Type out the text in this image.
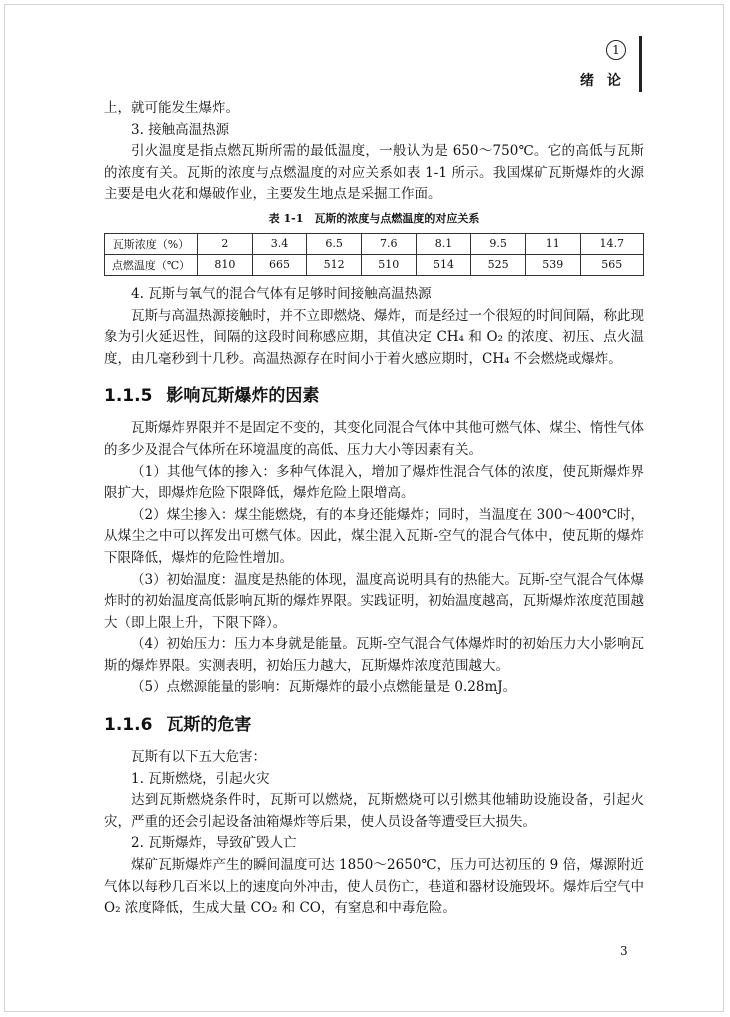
1
绪 论

上，就可能发生爆炸。

3. 接触高温热源

引火温度是指点燃瓦斯所需的最低温度，一般认为是 650～750℃。它的高低与瓦斯的浓度有关。瓦斯的浓度与点燃温度的对应关系如表 1-1 所示。我国煤矿瓦斯爆炸的火源主要是电火花和爆破作业，主要发生地点是采掘工作面。

表 1-1　瓦斯的浓度与点燃温度的对应关系
瓦斯浓度（%）	2	3.4	6.5	7.6	8.1	9.5	11	14.7
点燃温度（℃）	810	665	512	510	514	525	539	565

4. 瓦斯与氧气的混合气体有足够时间接触高温热源

瓦斯与高温热源接触时，并不立即燃烧、爆炸，而是经过一个很短的时间间隔，称此现象为引火延迟性，间隔的这段时间称感应期，其值决定 CH₄ 和 O₂ 的浓度、初压、点火温度，由几毫秒到十几秒。高温热源存在时间小于着火感应期时，CH₄ 不会燃烧或爆炸。

1.1.5 影响瓦斯爆炸的因素

瓦斯爆炸界限并不是固定不变的，其变化同混合气体中其他可燃气体、煤尘、惰性气体的多少及混合气体所在环境温度的高低、压力大小等因素有关。

（1）其他气体的掺入：多种气体混入，增加了爆炸性混合气体的浓度，使瓦斯爆炸界限扩大，即爆炸危险下限降低，爆炸危险上限增高。

（2）煤尘掺入：煤尘能燃烧，有的本身还能爆炸；同时，当温度在 300～400℃时，从煤尘之中可以挥发出可燃气体。因此，煤尘混入瓦斯-空气的混合气体中，使瓦斯的爆炸下限降低，爆炸的危险性增加。

（3）初始温度：温度是热能的体现，温度高说明具有的热能大。瓦斯-空气混合气体爆炸时的初始温度高低影响瓦斯的爆炸界限。实践证明，初始温度越高，瓦斯爆炸浓度范围越大（即上限上升，下限下降）。

（4）初始压力：压力本身就是能量。瓦斯-空气混合气体爆炸时的初始压力大小影响瓦斯的爆炸界限。实测表明，初始压力越大，瓦斯爆炸浓度范围越大。

（5）点燃源能量的影响：瓦斯爆炸的最小点燃能量是 0.28mJ。

1.1.6 瓦斯的危害

瓦斯有以下五大危害：

1. 瓦斯燃烧，引起火灾

达到瓦斯燃烧条件时，瓦斯可以燃烧，瓦斯燃烧可以引燃其他辅助设施设备，引起火灾，严重的还会引起设备油箱爆炸等后果，使人员设备等遭受巨大损失。

2. 瓦斯爆炸，导致矿毁人亡

煤矿瓦斯爆炸产生的瞬间温度可达 1850～2650℃，压力可达初压的 9 倍，爆源附近气体以每秒几百米以上的速度向外冲击，使人员伤亡，巷道和器材设施毁坏。爆炸后空气中 O₂ 浓度降低，生成大量 CO₂ 和 CO，有窒息和中毒危险。

3
